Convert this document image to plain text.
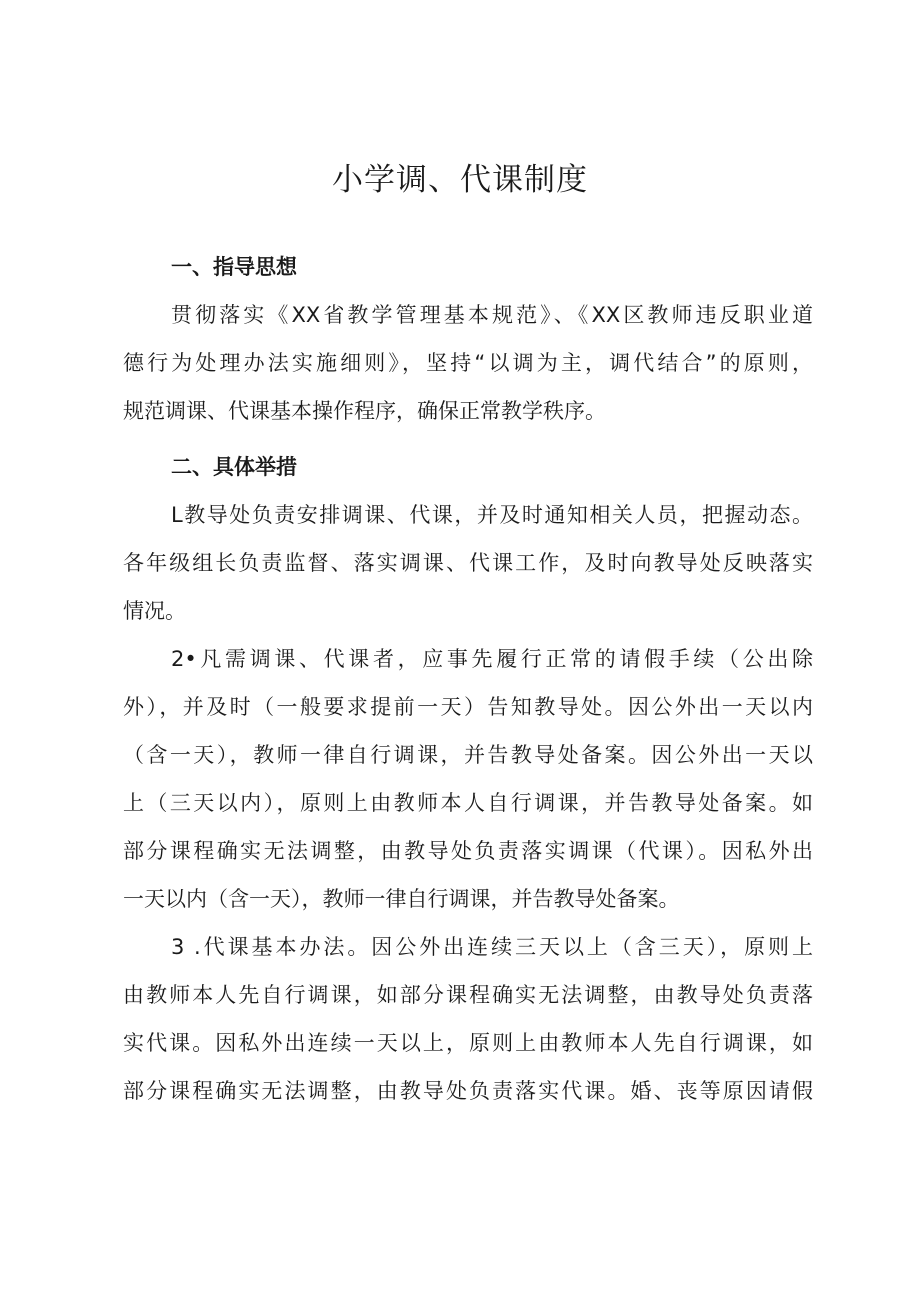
小学调、代课制度
一、指导思想
贯彻落实《XX省教学管理基本规范》、《XX区教师违反职业道
德行为处理办法实施细则》，坚持“以调为主，调代结合”的原则，
规范调课、代课基本操作程序，确保正常教学秩序。
二、具体举措
L教导处负责安排调课、代课，并及时通知相关人员，把握动态。
各年级组长负责监督、落实调课、代课工作，及时向教导处反映落实
情况。
2•凡需调课、代课者，应事先履行正常的请假手续（公出除
外），并及时（一般要求提前一天）告知教导处。因公外出一天以内
（含一天），教师一律自行调课，并告教导处备案。因公外出一天以
上（三天以内），原则上由教师本人自行调课，并告教导处备案。如
部分课程确实无法调整，由教导处负责落实调课（代课）。因私外出
一天以内（含一天），教师一律自行调课，并告教导处备案。
3 .代课基本办法。因公外出连续三天以上（含三天），原则上
由教师本人先自行调课，如部分课程确实无法调整，由教导处负责落
实代课。因私外出连续一天以上，原则上由教师本人先自行调课，如
部分课程确实无法调整，由教导处负责落实代课。婚、丧等原因请假
